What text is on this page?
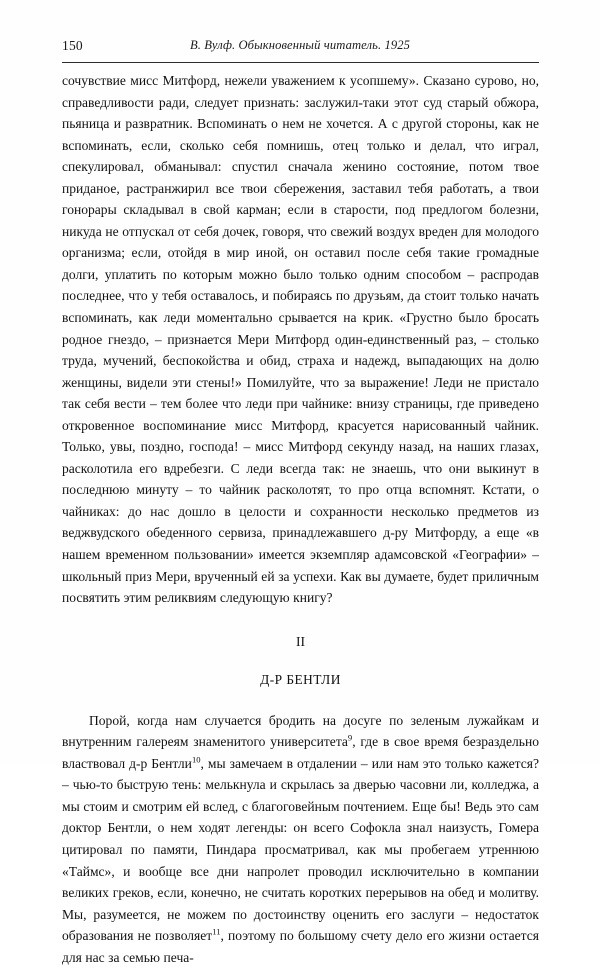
150	В. Вулф. Обыкновенный читатель. 1925

сочувствие мисс Митфорд, нежели уважением к усопшему». Сказано сурово, но, справедливости ради, следует признать: заслужил-таки этот суд старый обжора, пьяница и развратник. Вспоминать о нем не хочется. А с другой стороны, как не вспоминать, если, сколько себя помнишь, отец только и делал, что играл, спекулировал, обманывал: спустил сначала женино состояние, потом твое приданое, растранжирил все твои сбережения, заставил тебя работать, а твои гонорары складывал в свой карман; если в старости, под предлогом болезни, никуда не отпускал от себя дочек, говоря, что свежий воздух вреден для молодого организма; если, отойдя в мир иной, он оставил после себя такие громадные долги, уплатить по которым можно было только одним способом – распродав последнее, что у тебя оставалось, и побираясь по друзьям, да стоит только начать вспоминать, как леди моментально срывается на крик. «Грустно было бросать родное гнездо, – признается Мери Митфорд один-единственный раз, – столько труда, мучений, беспокойства и обид, страха и надежд, выпадающих на долю женщины, видели эти стены!» Помилуйте, что за выражение! Леди не пристало так себя вести – тем более что леди при чайнике: внизу страницы, где приведено откровенное воспоминание мисс Митфорд, красуется нарисованный чайник. Только, увы, поздно, господа! – мисс Митфорд секунду назад, на наших глазах, расколотила его вдребезги. С леди всегда так: не знаешь, что они выкинут в последнюю минуту – то чайник расколотят, то про отца вспомнят. Кстати, о чайниках: до нас дошло в целости и сохранности несколько предметов из веджвудского обеденного сервиза, принадлежавшего д-ру Митфорду, а еще «в нашем временном пользовании» имеется экземпляр адамсовской «Географии» – школьный приз Мери, врученный ей за успехи. Как вы думаете, будет приличным посвятить этим реликвиям следующую книгу?

II

Д-Р БЕНТЛИ

Порой, когда нам случается бродить на досуге по зеленым лужайкам и внутренним галереям знаменитого университета$^9$, где в свое время безраздельно властвовал д-р Бентли$^{10}$, мы замечаем в отдалении – или нам это только кажется? – чью-то быструю тень: мелькнула и скрылась за дверью часовни ли, колледжа, а мы стоим и смотрим ей вслед, с благоговейным почтением. Еще бы! Ведь это сам доктор Бентли, о нем ходят легенды: он всего Софокла знал наизусть, Гомера цитировал по памяти, Пиндара просматривал, как мы пробегаем утреннюю «Таймс», и вообще все дни напролет проводил исключительно в компании великих греков, если, конечно, не считать коротких перерывов на обед и молитву. Мы, разумеется, не можем по достоинству оценить его заслуги – недостаток образования не позволяет$^{11}$, поэтому по большому счету дело его жизни остается для нас за семью печа-
